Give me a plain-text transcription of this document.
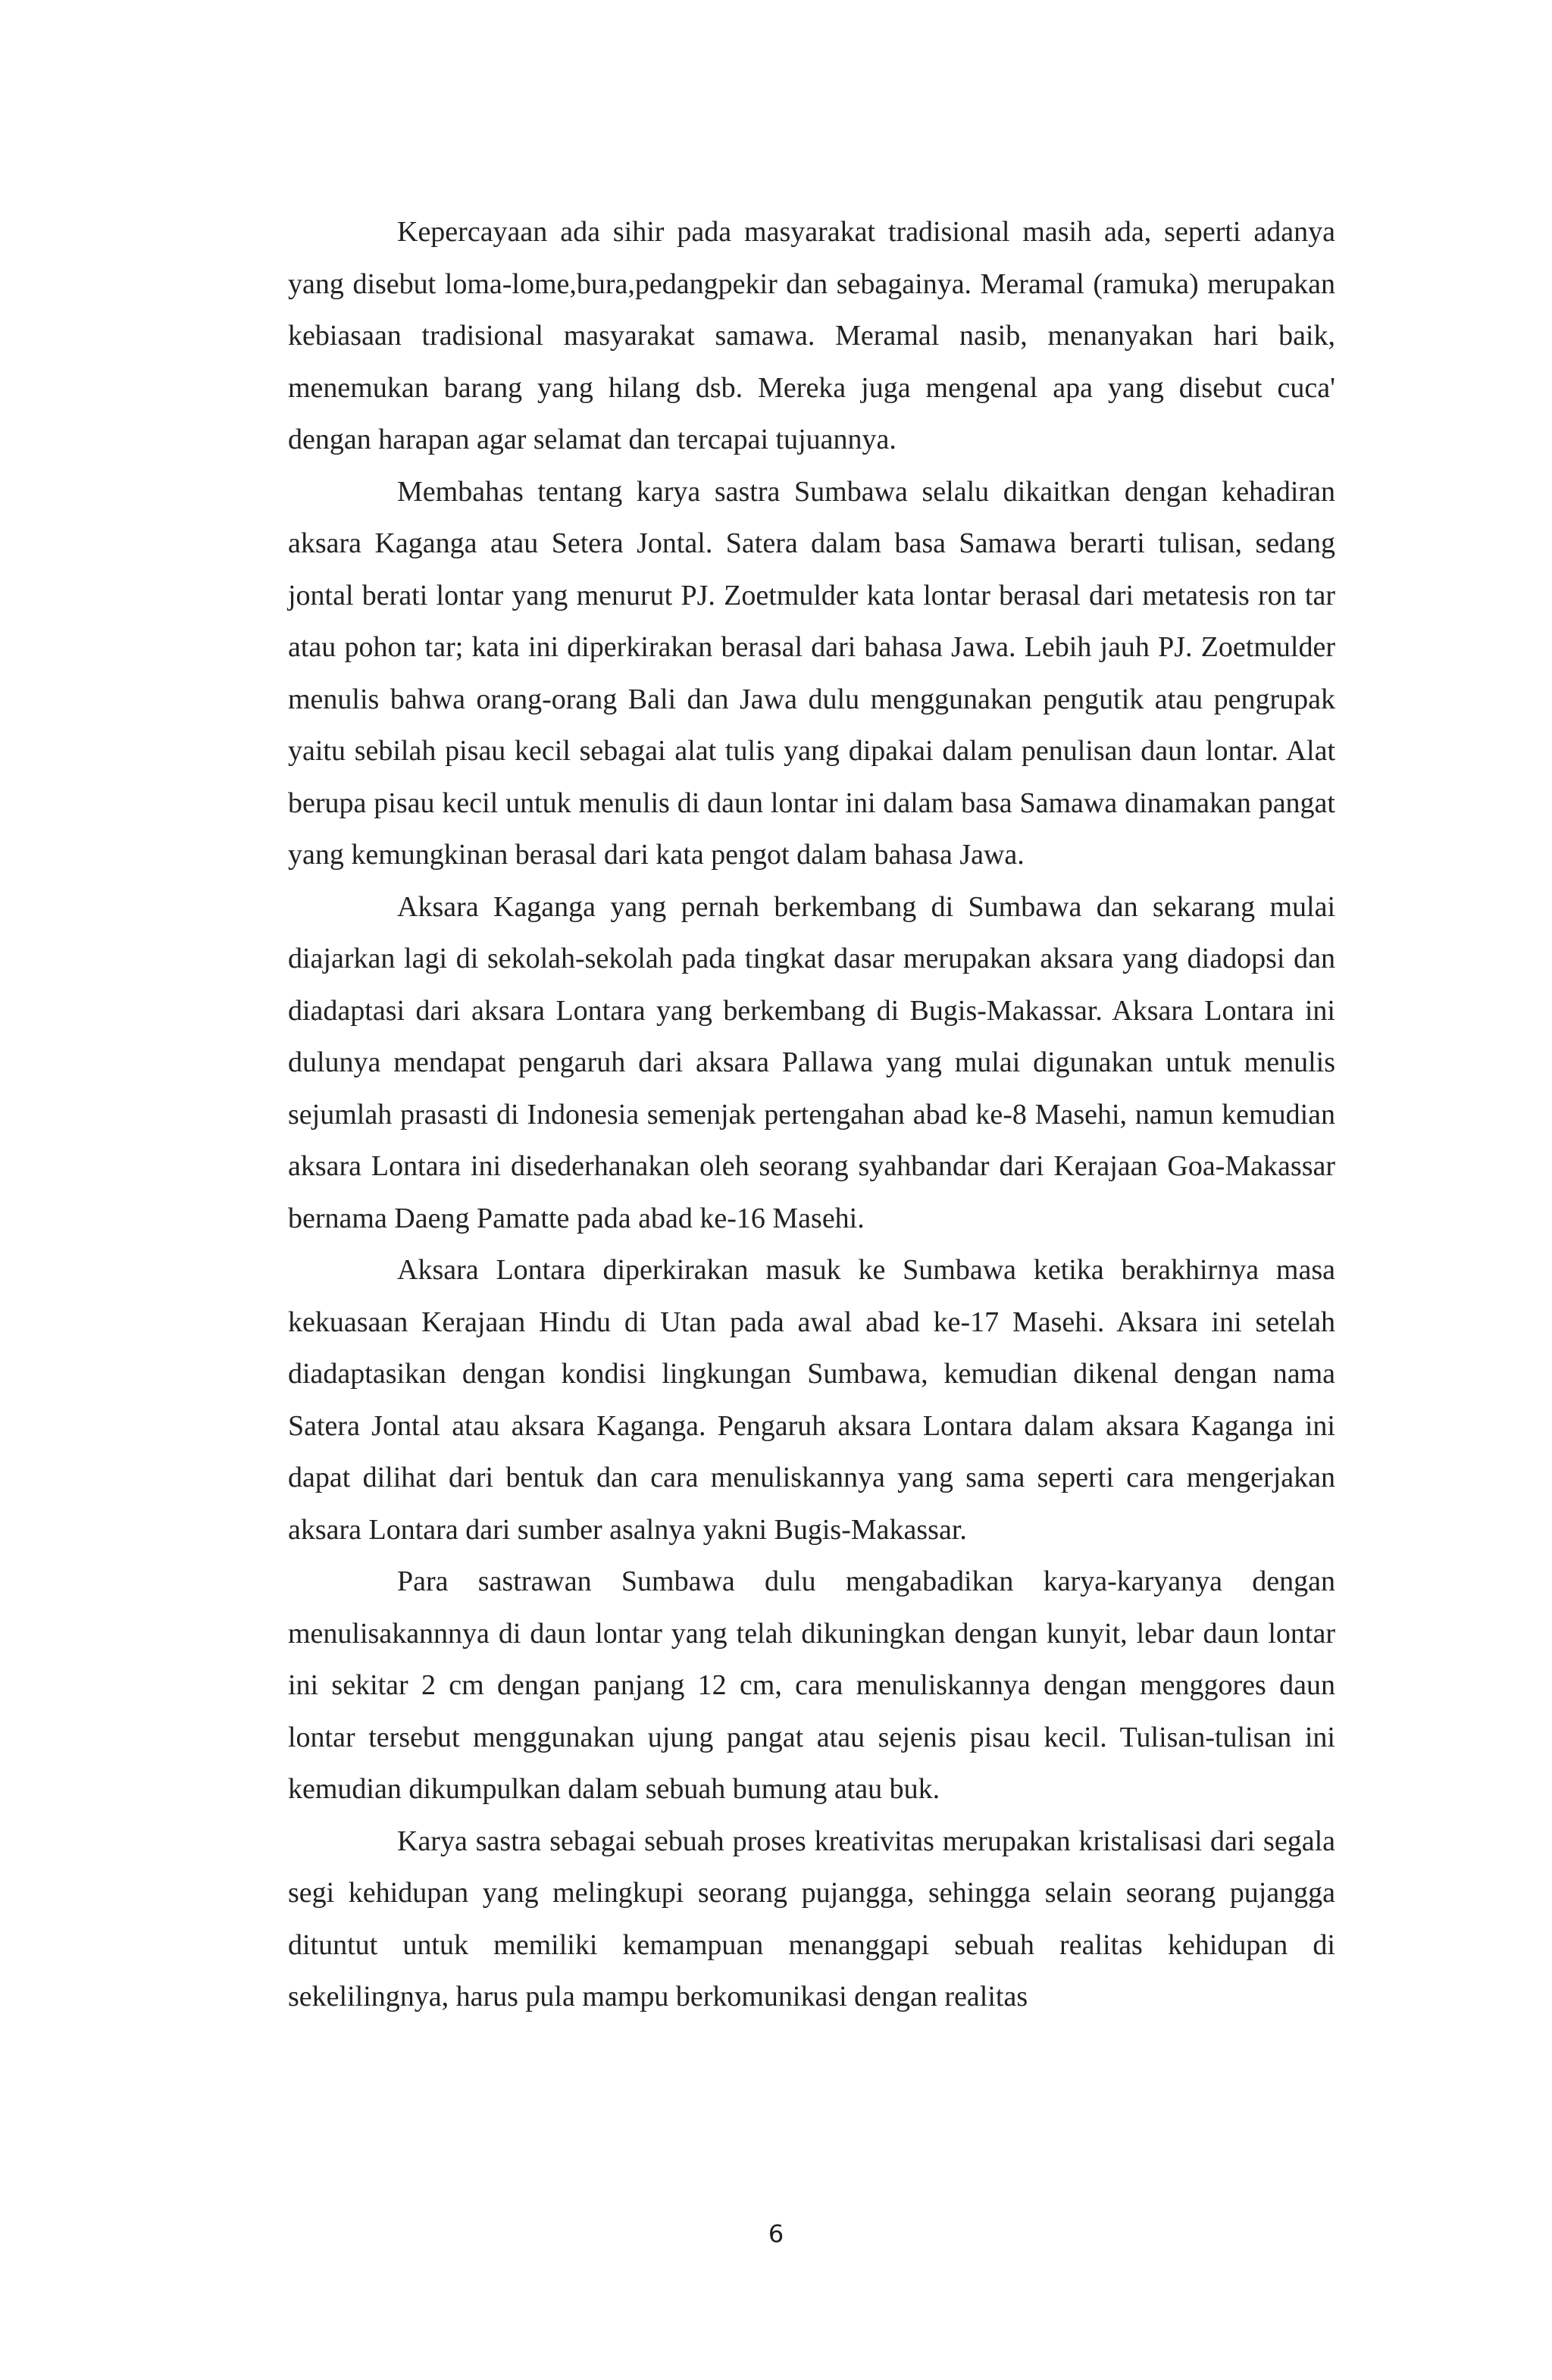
Kepercayaan ada sihir pada masyarakat tradisional masih ada, seperti adanya yang disebut loma-lome,bura,pedangpekir dan sebagainya. Meramal (ramuka) merupakan kebiasaan tradisional masyarakat samawa. Meramal nasib, menanyakan hari baik, menemukan barang yang hilang dsb. Mereka juga mengenal apa yang disebut cuca' dengan harapan agar selamat dan tercapai tujuannya.

Membahas tentang karya sastra Sumbawa selalu dikaitkan dengan kehadiran aksara Kaganga atau Setera Jontal. Satera dalam basa Samawa berarti tulisan, sedang jontal berati lontar yang menurut PJ. Zoetmulder kata lontar berasal dari metatesis ron tar atau pohon tar; kata ini diperkirakan berasal dari bahasa Jawa. Lebih jauh PJ. Zoetmulder menulis bahwa orang-orang Bali dan Jawa dulu menggunakan pengutik atau pengrupak yaitu sebilah pisau kecil sebagai alat tulis yang dipakai dalam penulisan daun lontar. Alat berupa pisau kecil untuk menulis di daun lontar ini dalam basa Samawa dinamakan pangat yang kemungkinan berasal dari kata pengot dalam bahasa Jawa.

Aksara Kaganga yang pernah berkembang di Sumbawa dan sekarang mulai diajarkan lagi di sekolah-sekolah pada tingkat dasar merupakan aksara yang diadopsi dan diadaptasi dari aksara Lontara yang berkembang di Bugis-Makassar. Aksara Lontara ini dulunya mendapat pengaruh dari aksara Pallawa yang mulai digunakan untuk menulis sejumlah prasasti di Indonesia semenjak pertengahan abad ke-8 Masehi, namun kemudian aksara Lontara ini disederhanakan oleh seorang syahbandar dari Kerajaan Goa-Makassar bernama Daeng Pamatte pada abad ke-16 Masehi.

Aksara Lontara diperkirakan masuk ke Sumbawa ketika berakhirnya masa kekuasaan Kerajaan Hindu di Utan pada awal abad ke-17 Masehi. Aksara ini setelah diadaptasikan dengan kondisi lingkungan Sumbawa, kemudian dikenal dengan nama Satera Jontal atau aksara Kaganga. Pengaruh aksara Lontara dalam aksara Kaganga ini dapat dilihat dari bentuk dan cara menuliskannya yang sama seperti cara mengerjakan aksara Lontara dari sumber asalnya yakni Bugis-Makassar.

Para sastrawan Sumbawa dulu mengabadikan karya-karyanya dengan menulisakannnya di daun lontar yang telah dikuningkan dengan kunyit, lebar daun lontar ini sekitar 2 cm dengan panjang 12 cm, cara menuliskannya dengan menggores daun lontar tersebut menggunakan ujung pangat atau sejenis pisau kecil. Tulisan-tulisan ini kemudian dikumpulkan dalam sebuah bumung atau buk.

Karya sastra sebagai sebuah proses kreativitas merupakan kristalisasi dari segala segi kehidupan yang melingkupi seorang pujangga, sehingga selain seorang pujangga dituntut untuk memiliki kemampuan menanggapi sebuah realitas kehidupan di sekelilingnya, harus pula mampu berkomunikasi dengan realitas

6
